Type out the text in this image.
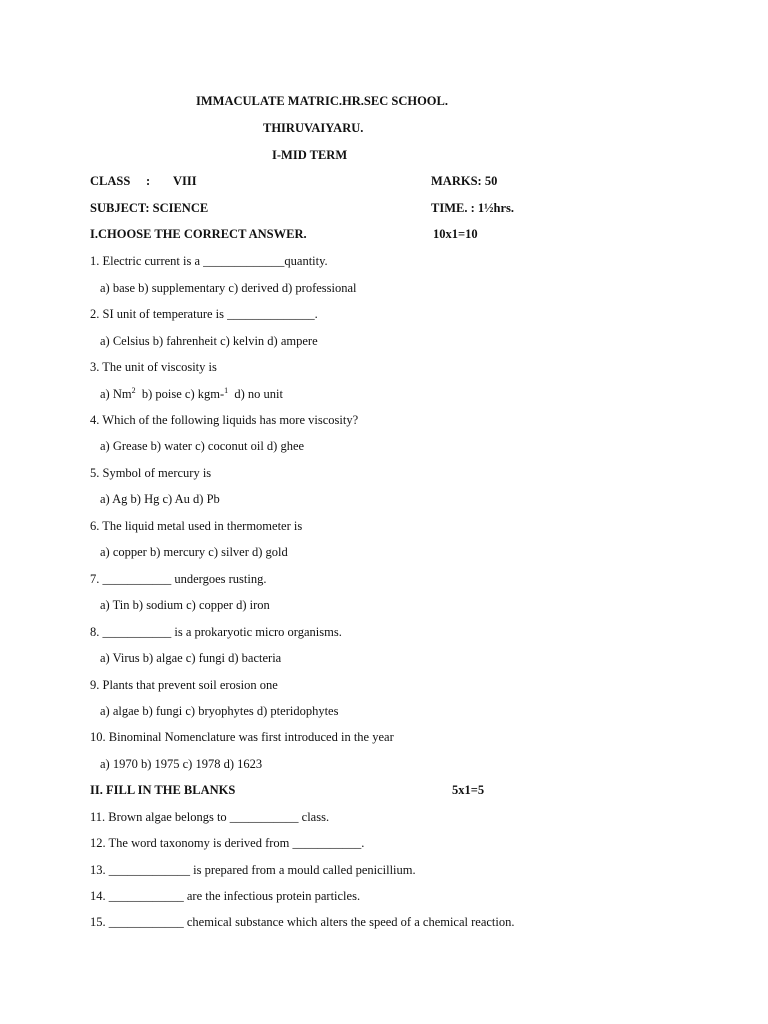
IMMACULATE MATRIC.HR.SEC SCHOOL.
THIRUVAIYARU.
I-MID TERM
CLASS : VIII	MARKS: 50
SUBJECT: SCIENCE	TIME. : 1½hrs.
I.CHOOSE THE CORRECT ANSWER.	10x1=10
1. Electric current is a _____________quantity.
a) base b) supplementary c) derived d) professional
2. SI unit of temperature is ______________.
a) Celsius b) fahrenheit c) kelvin d) ampere
3. The unit of viscosity is
a) Nm$^2$  b) poise c) kgm-$^1$  d) no unit
4. Which of the following liquids has more viscosity?
a) Grease b) water c) coconut oil d) ghee
5. Symbol of mercury is
a) Ag b) Hg c) Au d) Pb
6. The liquid metal used in thermometer is
a) copper b) mercury c) silver d) gold
7. ___________ undergoes rusting.
a) Tin b) sodium c) copper d) iron
8. ___________ is a prokaryotic micro organisms.
a) Virus b) algae c) fungi d) bacteria
9. Plants that prevent soil erosion one
a) algae b) fungi c) bryophytes d) pteridophytes
10. Binominal Nomenclature was first introduced in the year
a) 1970 b) 1975 c) 1978 d) 1623
II. FILL IN THE BLANKS	5x1=5
11. Brown algae belongs to ___________ class.
12. The word taxonomy is derived from ___________.
13. _____________ is prepared from a mould called penicillium.
14. ____________ are the infectious protein particles.
15. ____________ chemical substance which alters the speed of a chemical reaction.
